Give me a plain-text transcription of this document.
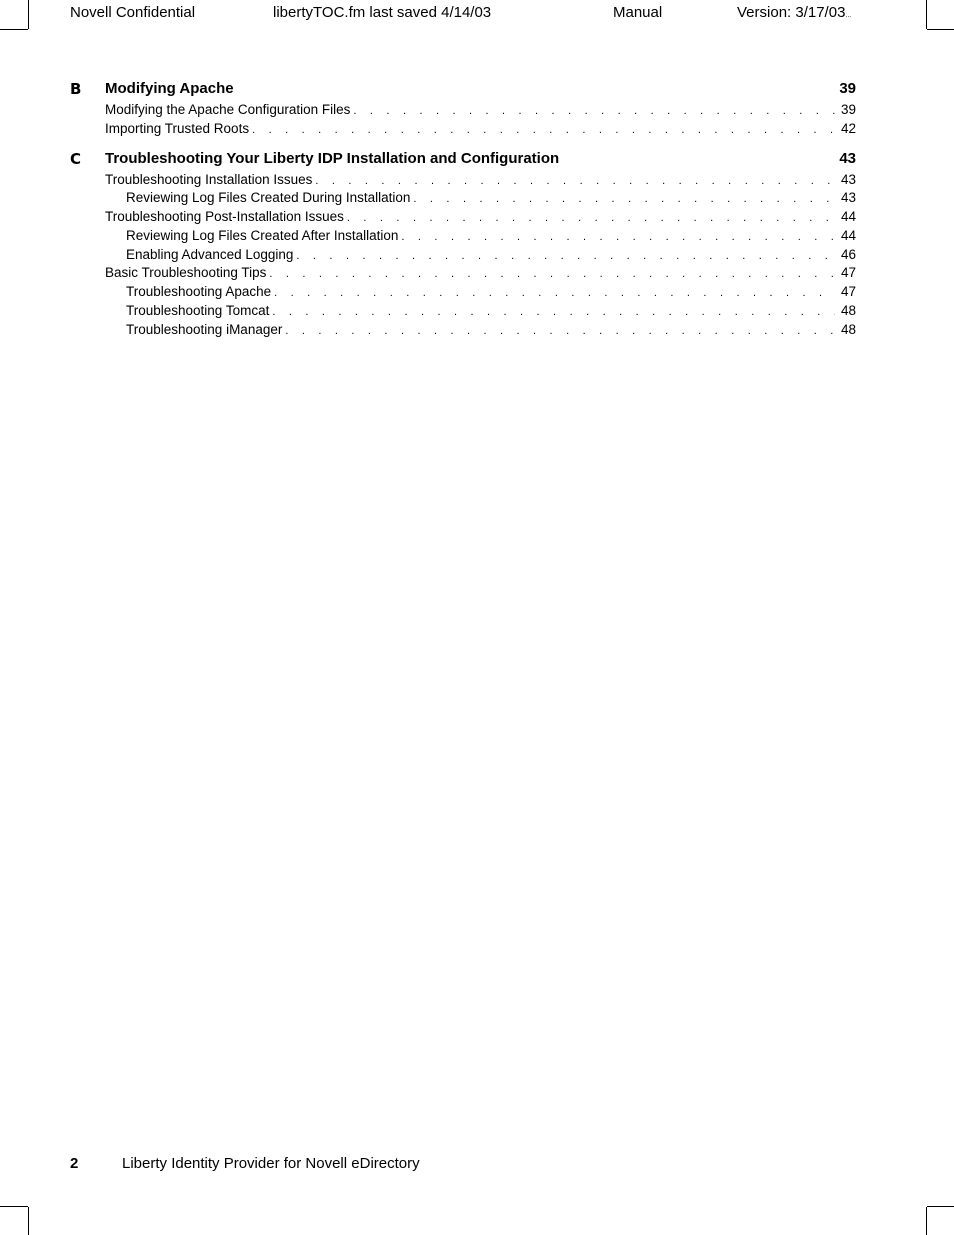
Novell Confidential	libertyTOC.fm last saved 4/14/03	Manual	Version: 3/17/03...
B Modifying Apache	39
Modifying the Apache Configuration Files . . .	39
Importing Trusted Roots . . .	42
C Troubleshooting Your Liberty IDP Installation and Configuration	43
Troubleshooting Installation Issues . . .	43
Reviewing Log Files Created During Installation . . .	43
Troubleshooting Post-Installation Issues . . .	44
Reviewing Log Files Created After Installation . . .	44
Enabling Advanced Logging . . .	46
Basic Troubleshooting Tips . . .	47
Troubleshooting Apache . . .	47
Troubleshooting Tomcat . . .	48
Troubleshooting iManager . . .	48
2	Liberty Identity Provider for Novell eDirectory
